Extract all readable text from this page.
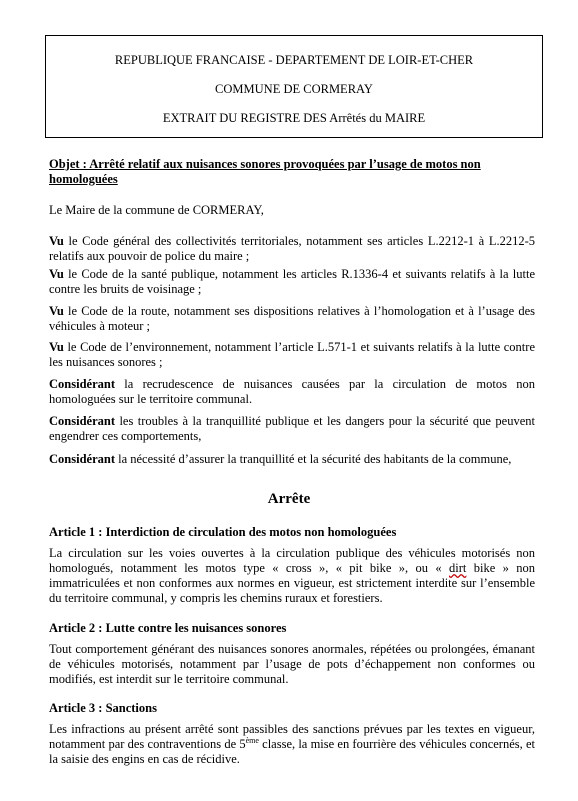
REPUBLIQUE FRANCAISE - DEPARTEMENT DE LOIR-ET-CHER
COMMUNE DE CORMERAY
EXTRAIT DU REGISTRE DES Arrêtés du MAIRE
Objet : Arrêté relatif aux nuisances sonores provoquées par l’usage de motos non homologuées
Le Maire de la commune de CORMERAY,
Vu le Code général des collectivités territoriales, notamment ses articles L.2212-1 à L.2212-5 relatifs aux pouvoir de police du maire ;
Vu le Code de la santé publique, notamment les articles R.1336-4 et suivants relatifs à la lutte contre les bruits de voisinage ;
Vu le Code de la route, notamment ses dispositions relatives à l’homologation et à l’usage des véhicules à moteur ;
Vu le Code de l’environnement, notamment l’article L.571-1 et suivants relatifs à la lutte contre les nuisances sonores ;
Considérant la recrudescence de nuisances causées par la circulation de motos non homologuées sur le territoire communal.
Considérant les troubles à la tranquillité publique et les dangers pour la sécurité que peuvent engendrer ces comportements,
Considérant la nécessité d’assurer la tranquillité et la sécurité des habitants de la commune,
Arrête
Article 1 : Interdiction de circulation des motos non homologuées
La circulation sur les voies ouvertes à la circulation publique des véhicules motorisés non homologués, notamment les motos type « cross », « pit bike », ou « dirt bike » non immatriculées et non conformes aux normes en vigueur, est strictement interdite sur l’ensemble du territoire communal, y compris les chemins ruraux et forestiers.
Article 2 : Lutte contre les nuisances sonores
Tout comportement générant des nuisances sonores anormales, répétées ou prolongées, émanant de véhicules motorisés, notamment par l’usage de pots d’échappement non conformes ou modifiés, est interdit sur le territoire communal.
Article 3 : Sanctions
Les infractions au présent arrêté sont passibles des sanctions prévues par les textes en vigueur, notamment par des contraventions de 5ème classe, la mise en fourrière des véhicules concernés, et la saisie des engins en cas de récidive.
